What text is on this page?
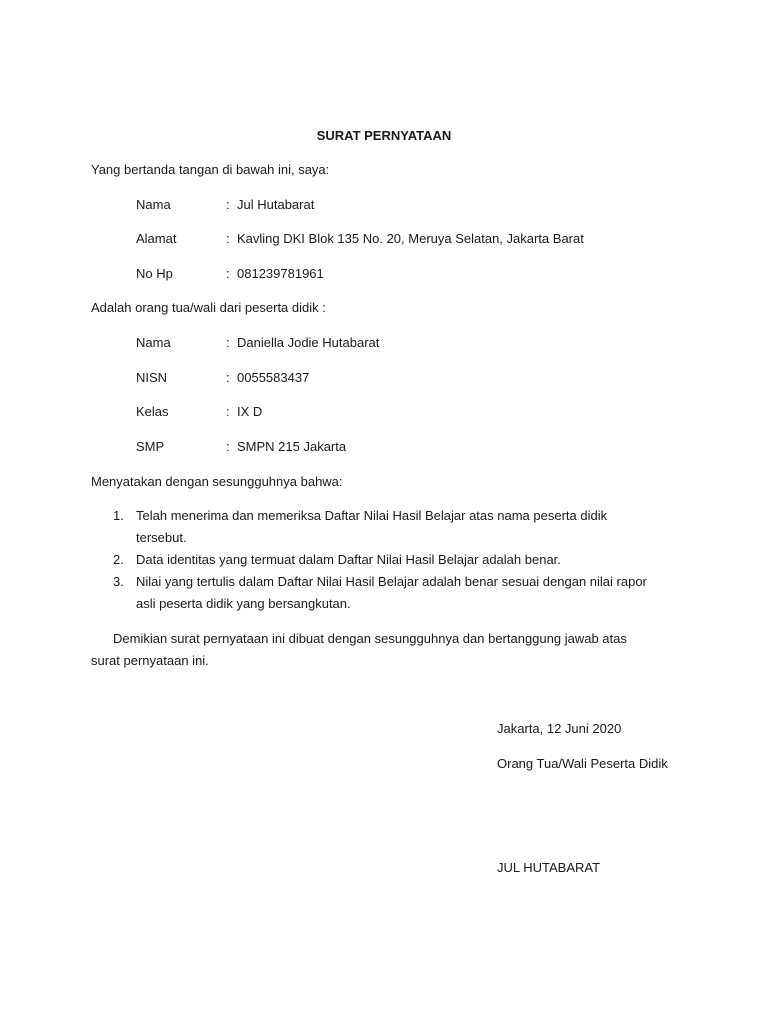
SURAT PERNYATAAN
Yang bertanda tangan di bawah ini, saya:
Nama	: Jul Hutabarat
Alamat	: Kavling DKI Blok 135 No. 20, Meruya Selatan, Jakarta Barat
No Hp	: 081239781961
Adalah orang tua/wali dari peserta didik :
Nama	: Daniella Jodie Hutabarat
NISN	: 0055583437
Kelas	: IX D
SMP	: SMPN 215 Jakarta
Menyatakan dengan sesungguhnya bahwa:
1. Telah menerima dan memeriksa Daftar Nilai Hasil Belajar atas nama peserta didik
tersebut.
2. Data identitas yang termuat dalam Daftar Nilai Hasil Belajar adalah benar.
3. Nilai yang tertulis dalam Daftar Nilai Hasil Belajar adalah benar sesuai dengan nilai rapor
asli peserta didik yang bersangkutan.
Demikian surat pernyataan ini dibuat dengan sesungguhnya dan bertanggung jawab atas
surat pernyataan ini.
Jakarta, 12 Juni 2020
Orang Tua/Wali Peserta Didik
JUL HUTABARAT
